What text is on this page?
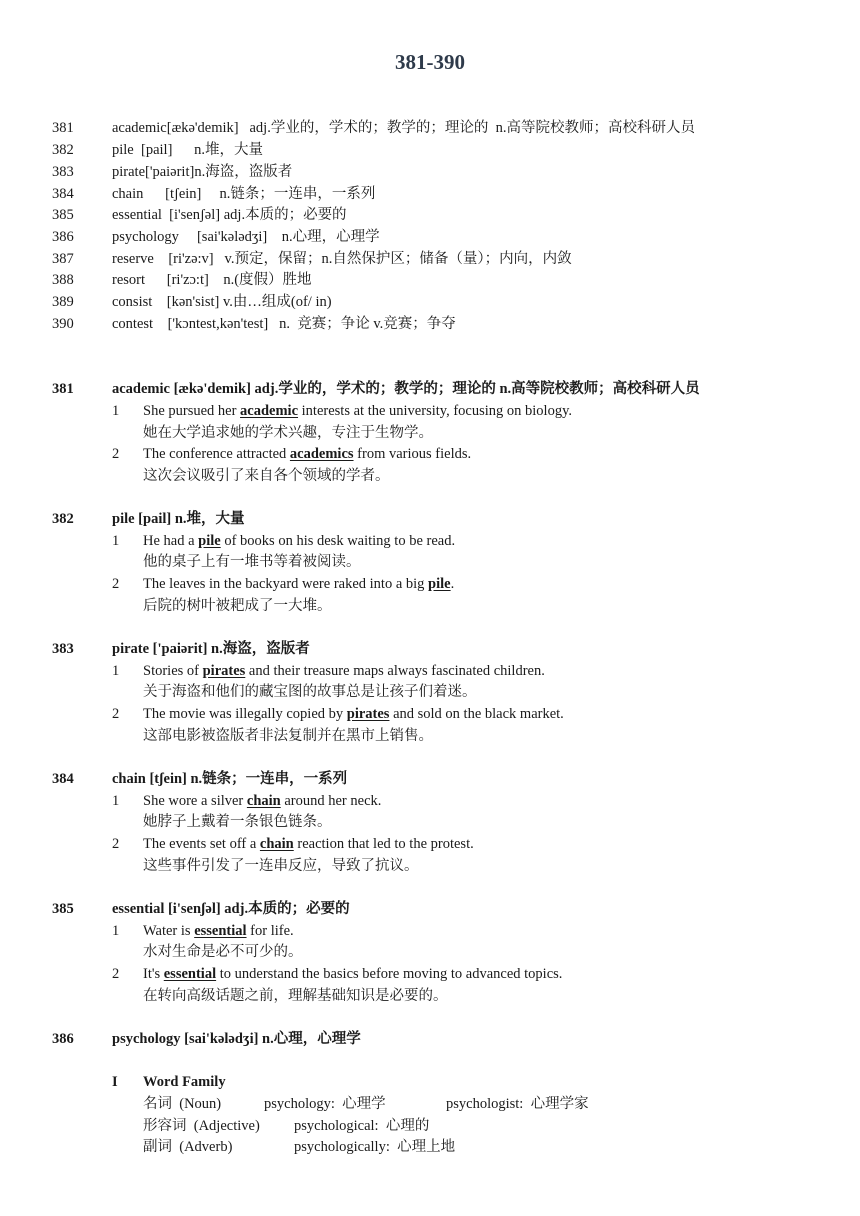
381-390
381	academic[ækə'demik]   adj.学业的，学术的；教学的；理论的  n.高等院校教师；高校科研人员
382	pile  [pail]      n.堆，大量
383	pirate['paiərit]n.海盗，盗版者
384	chain      [tʃein]     n.链条；一连串，一系列
385	essential  [i'senʃəl] adj.本质的；必要的
386	psychology     [sai'kələdʒi]    n.心理，心理学
387	reserve    [ri'zə:v]   v.预定，保留；n.自然保护区；储备（量）；内向，内敛
388	resort      [ri'zɔ:t]    n.(度假）胜地
389	consist    [kən'sist] v.由…组成(of/ in)
390	contest    ['kɔntest,kən'test]   n.  竞赛；争论 v.竞赛；争夺
381	academic [ækə'demik] adj.学业的，学术的；教学的；理论的 n.高等院校教师；高校科研人员
1 She pursued her academic interests at the university, focusing on biology.
她在大学追求她的学术兴趣，专注于生物学。
2 The conference attracted academics from various fields.
这次会议吸引了来自各个领域的学者。
382	pile [pail] n.堆，大量
1 He had a pile of books on his desk waiting to be read.
他的桌子上有一堆书等着被阅读。
2 The leaves in the backyard were raked into a big pile.
后院的树叶被耙成了一大堆。
383	pirate ['paiərit] n.海盗，盗版者
1 Stories of pirates and their treasure maps always fascinated children.
关于海盗和他们的藏宝图的故事总是让孩子们着迷。
2 The movie was illegally copied by pirates and sold on the black market.
这部电影被盗版者非法复制并在黑市上销售。
384	chain [tʃein] n.链条；一连串，一系列
1 She wore a silver chain around her neck.
她脖子上戴着一条银色链条。
2 The events set off a chain reaction that led to the protest.
这些事件引发了一连串反应，导致了抗议。
385	essential [i'senʃəl] adj.本质的；必要的
1 Water is essential for life.
水对生命是必不可少的。
2 It's essential to understand the basics before moving to advanced topics.
在转向高级话题之前，理解基础知识是必要的。
386	psychology [sai'kələdʒi] n.心理，心理学
I Word Family
名词  (Noun)	psychology:  心理学	psychologist:  心理学家
形容词  (Adjective) psychological:  心理的
副词  (Adverb)	psychologically:  心理上地
